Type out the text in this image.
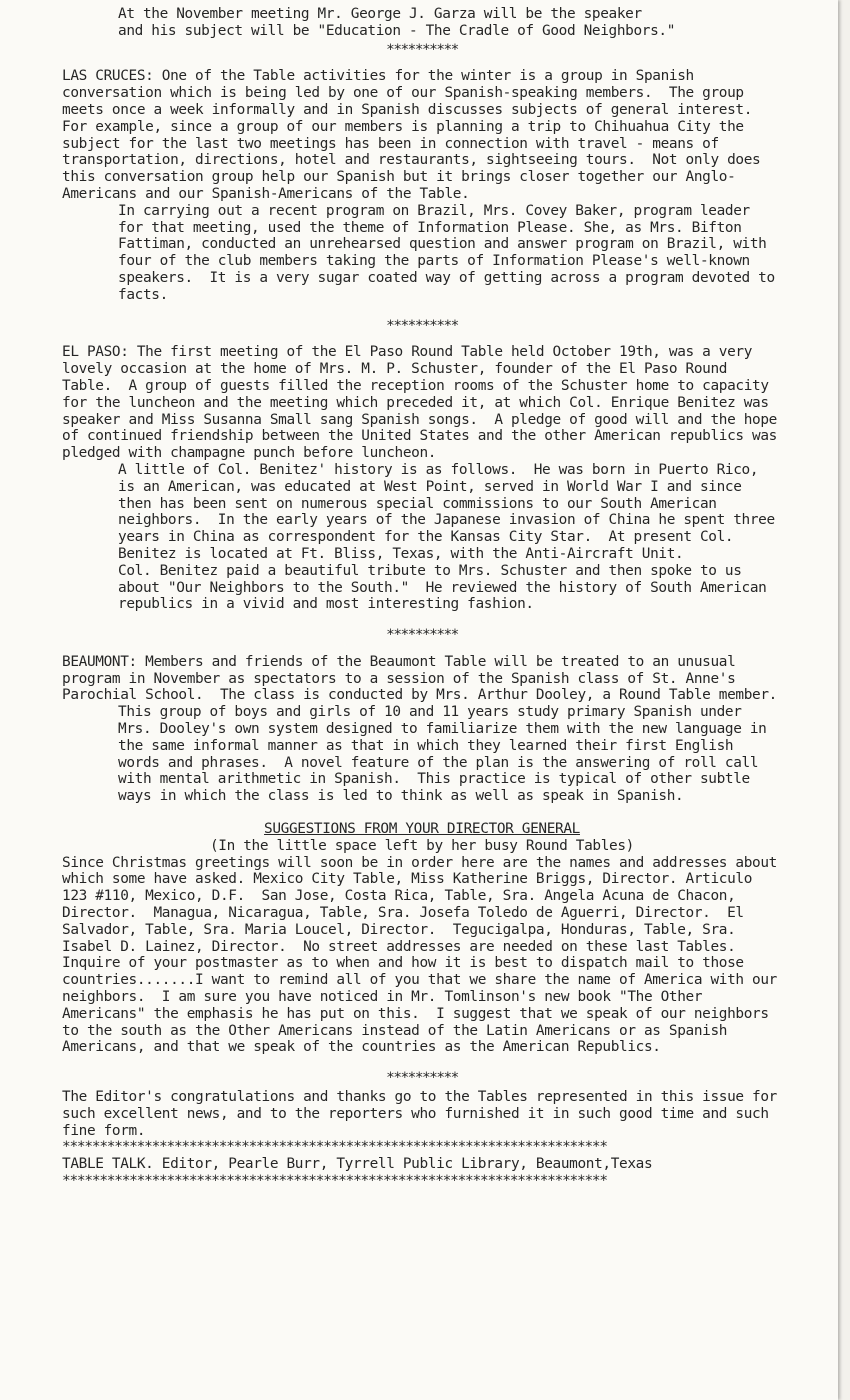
At the November meeting Mr. George J. Garza will be the speaker
and his subject will be "Education - The Cradle of Good Neighbors."

**********

LAS CRUCES: One of the Table activities for the winter is a group in Spanish conversation which is being led by one of our Spanish-speaking members.  The group meets once a week informally and in Spanish discusses subjects of general interest.  For example, since a group of our members is planning a trip to Chihuahua City the subject for the last two meetings has been in connection with travel - means of transportation, directions, hotel and restaurants, sightseeing tours.  Not only does this conversation group help our Spanish but it brings closer together our Anglo-Americans and our Spanish-Americans of the Table.

In carrying out a recent program on Brazil, Mrs. Covey Baker, program leader for that meeting, used the theme of Information Please. She, as Mrs. Bifton Fattiman, conducted an unrehearsed question and answer program on Brazil, with four of the club members taking the parts of Information Please's well-known speakers.  It is a very sugar coated way of getting across a program devoted to facts.

**********

EL PASO: The first meeting of the El Paso Round Table held October 19th, was a very lovely occasion at the home of Mrs. M. P. Schuster, founder of the El Paso Round Table.  A group of guests filled the reception rooms of the Schuster home to capacity for the luncheon and the meeting which preceded it, at which Col. Enrique Benitez was speaker and Miss Susanna Small sang Spanish songs.  A pledge of good will and the hope of continued friendship between the United States and the other American republics was pledged with champagne punch before luncheon.

A little of Col. Benitez' history is as follows.  He was born in Puerto Rico, is an American, was educated at West Point, served in World War I and since then has been sent on numerous special commissions to our South American neighbors.  In the early years of the Japanese invasion of China he spent three years in China as correspondent for the Kansas City Star.  At present Col. Benitez is located at Ft. Bliss, Texas, with the Anti-Aircraft Unit.

Col. Benitez paid a beautiful tribute to Mrs. Schuster and then spoke to us about "Our Neighbors to the South."  He reviewed the history of South American republics in a vivid and most interesting fashion.

**********

BEAUMONT: Members and friends of the Beaumont Table will be treated to an unusual program in November as spectators to a session of the Spanish class of St. Anne's Parochial School.  The class is conducted by Mrs. Arthur Dooley, a Round Table member.

This group of boys and girls of 10 and 11 years study primary Spanish under Mrs. Dooley's own system designed to familiarize them with the new language in the same informal manner as that in which they learned their first English words and phrases.  A novel feature of the plan is the answering of roll call with mental arithmetic in Spanish.  This practice is typical of other subtle ways in which the class is led to think as well as speak in Spanish.

SUGGESTIONS FROM YOUR DIRECTOR GENERAL

(In the little space left by her busy Round Tables)

Since Christmas greetings will soon be in order here are the names and addresses about which some have asked. Mexico City Table, Miss Katherine Briggs, Director. Articulo 123 #110, Mexico, D.F.  San Jose, Costa Rica, Table, Sra. Angela Acuna de Chacon, Director.  Managua, Nicaragua, Table, Sra. Josefa Toledo de Aguerri, Director.  El Salvador, Table, Sra. Maria Loucel, Director.  Tegucigalpa, Honduras, Table, Sra. Isabel D. Lainez, Director.  No street addresses are needed on these last Tables.  Inquire of your postmaster as to when and how it is best to dispatch mail to those countries.......I want to remind all of you that we share the name of America with our neighbors.  I am sure you have noticed in Mr. Tomlinson's new book "The Other Americans" the emphasis he has put on this.  I suggest that we speak of our neighbors to the south as the Other Americans instead of the Latin Americans or as Spanish Americans, and that we speak of the countries as the American Republics.

**********

The Editor's congratulations and thanks go to the Tables represented in this issue for such excellent news, and to the reporters who furnished it in such good time and such fine form.

*************************************************************************

TABLE TALK. Editor, Pearle Burr, Tyrrell Public Library, Beaumont,Texas

*************************************************************************
